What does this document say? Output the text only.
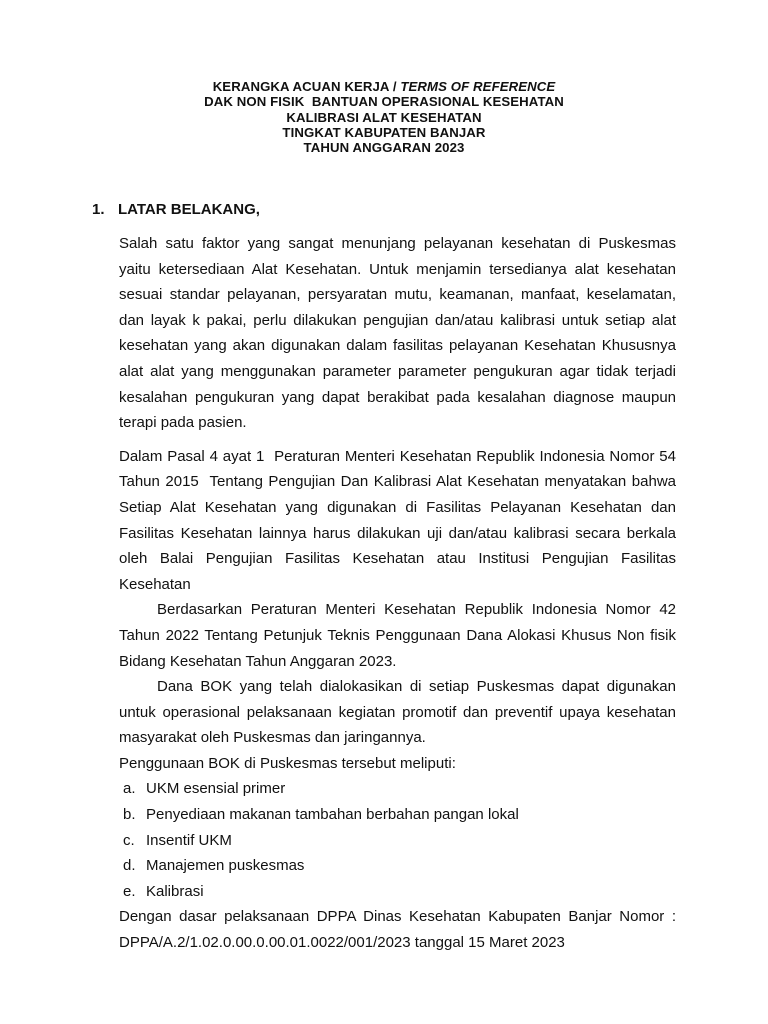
KERANGKA ACUAN KERJA / TERMS OF REFERENCE
DAK NON FISIK  BANTUAN OPERASIONAL KESEHATAN
KALIBRASI ALAT KESEHATAN
TINGKAT KABUPATEN BANJAR
TAHUN ANGGARAN 2023
1. LATAR BELAKANG,

Salah satu faktor yang sangat menunjang pelayanan kesehatan di Puskesmas yaitu ketersediaan Alat Kesehatan. Untuk menjamin tersedianya alat kesehatan sesuai standar pelayanan, persyaratan mutu, keamanan, manfaat, keselamatan, dan layak k pakai, perlu dilakukan pengujian dan/atau kalibrasi untuk setiap alat kesehatan yang akan digunakan dalam fasilitas pelayanan Kesehatan Khususnya alat alat yang menggunakan parameter parameter pengukuran agar tidak terjadi kesalahan pengukuran yang dapat berakibat pada kesalahan diagnose maupun terapi pada pasien.

Dalam Pasal 4 ayat 1  Peraturan Menteri Kesehatan Republik Indonesia Nomor 54 Tahun 2015  Tentang Pengujian Dan Kalibrasi Alat Kesehatan menyatakan bahwa Setiap Alat Kesehatan yang digunakan di Fasilitas Pelayanan Kesehatan dan Fasilitas Kesehatan lainnya harus dilakukan uji dan/atau kalibrasi secara berkala oleh Balai Pengujian Fasilitas Kesehatan atau Institusi Pengujian Fasilitas Kesehatan

Berdasarkan Peraturan Menteri Kesehatan Republik Indonesia Nomor 42 Tahun 2022 Tentang Petunjuk Teknis Penggunaan Dana Alokasi Khusus Non fisik Bidang Kesehatan Tahun Anggaran 2023.

Dana BOK yang telah dialokasikan di setiap Puskesmas dapat digunakan untuk operasional pelaksanaan kegiatan promotif dan preventif upaya kesehatan masyarakat oleh Puskesmas dan jaringannya.

Penggunaan BOK di Puskesmas tersebut meliputi:

a. UKM esensial primer
b. Penyediaan makanan tambahan berbahan pangan lokal
c. Insentif UKM
d. Manajemen puskesmas
e. Kalibrasi

Dengan dasar pelaksanaan DPPA Dinas Kesehatan Kabupaten Banjar Nomor :

DPPA/A.2/1.02.0.00.0.00.01.0022/001/2023 tanggal 15 Maret 2023
